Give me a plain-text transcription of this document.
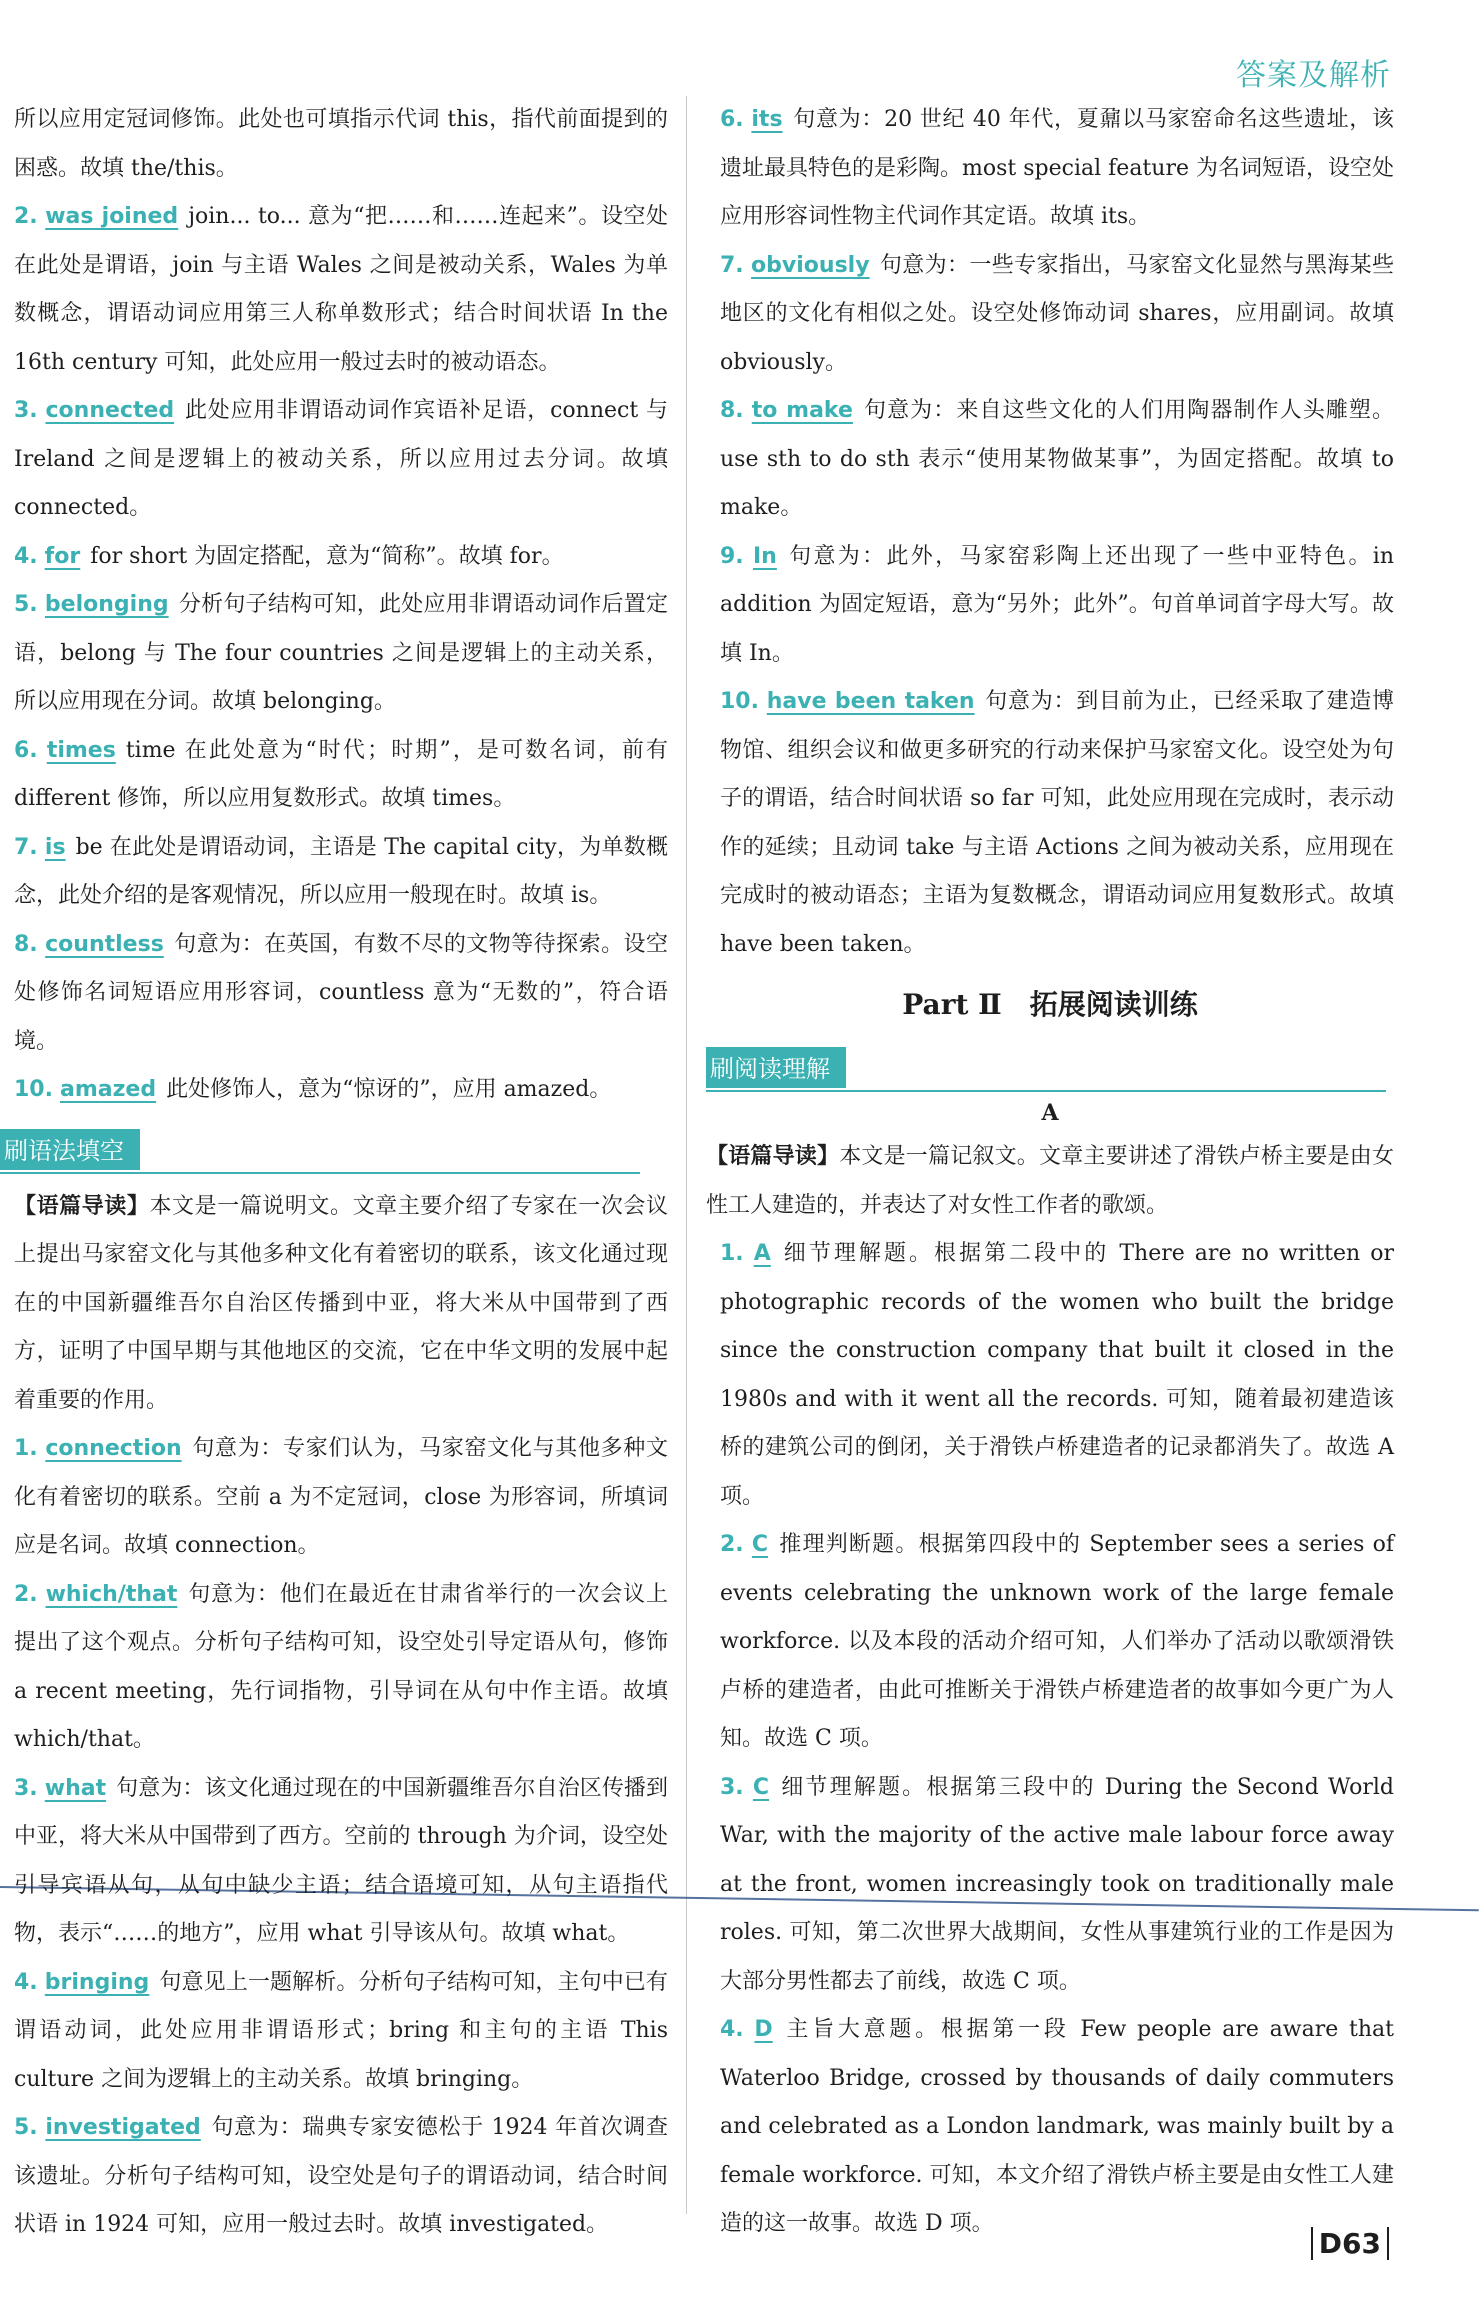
答案及解析

所以应用定冠词修饰。此处也可填指示代词 this，指代前面提到的困惑。故填 the/this。

2. was joined join... to... 意为“把……和……连起来”。设空处在此处是谓语，join 与主语 Wales 之间是被动关系，Wales 为单数概念，谓语动词应用第三人称单数形式；结合时间状语 In the 16th century 可知，此处应用一般过去时的被动语态。

3. connected 此处应用非谓语动词作宾语补足语，connect 与 Ireland 之间是逻辑上的被动关系，所以应用过去分词。故填 connected。

4. for for short 为固定搭配，意为“简称”。故填 for。

5. belonging 分析句子结构可知，此处应用非谓语动词作后置定语，belong 与 The four countries 之间是逻辑上的主动关系，所以应用现在分词。故填 belonging。

6. times time 在此处意为“时代；时期”，是可数名词，前有 different 修饰，所以应用复数形式。故填 times。

7. is be 在此处是谓语动词，主语是 The capital city，为单数概念，此处介绍的是客观情况，所以应用一般现在时。故填 is。

8. countless 句意为：在英国，有数不尽的文物等待探索。设空处修饰名词短语应用形容词，countless 意为“无数的”，符合语境。

10. amazed 此处修饰人，意为“惊讶的”，应用 amazed。

刷语法填空

【语篇导读】本文是一篇说明文。文章主要介绍了专家在一次会议上提出马家窑文化与其他多种文化有着密切的联系，该文化通过现在的中国新疆维吾尔自治区传播到中亚，将大米从中国带到了西方，证明了中国早期与其他地区的交流，它在中华文明的发展中起着重要的作用。

1. connection 句意为：专家们认为，马家窑文化与其他多种文化有着密切的联系。空前 a 为不定冠词，close 为形容词，所填词应是名词。故填 connection。

2. which/that 句意为：他们在最近在甘肃省举行的一次会议上提出了这个观点。分析句子结构可知，设空处引导定语从句，修饰 a recent meeting，先行词指物，引导词在从句中作主语。故填 which/that。

3. what 句意为：该文化通过现在的中国新疆维吾尔自治区传播到中亚，将大米从中国带到了西方。空前的 through 为介词，设空处引导宾语从句，从句中缺少主语；结合语境可知，从句主语指代物，表示“……的地方”，应用 what 引导该从句。故填 what。

4. bringing 句意见上一题解析。分析句子结构可知，主句中已有谓语动词，此处应用非谓语形式；bring 和主句的主语 This culture 之间为逻辑上的主动关系。故填 bringing。

5. investigated 句意为：瑞典专家安德松于 1924 年首次调查该遗址。分析句子结构可知，设空处是句子的谓语动词，结合时间状语 in 1924 可知，应用一般过去时。故填 investigated。

6. its 句意为：20 世纪 40 年代，夏鼐以马家窑命名这些遗址，该遗址最具特色的是彩陶。most special feature 为名词短语，设空处应用形容词性物主代词作其定语。故填 its。

7. obviously 句意为：一些专家指出，马家窑文化显然与黑海某些地区的文化有相似之处。设空处修饰动词 shares，应用副词。故填 obviously。

8. to make 句意为：来自这些文化的人们用陶器制作人头雕塑。use sth to do sth 表示“使用某物做某事”，为固定搭配。故填 to make。

9. In 句意为：此外，马家窑彩陶上还出现了一些中亚特色。in addition 为固定短语，意为“另外；此外”。句首单词首字母大写。故填 In。

10. have been taken 句意为：到目前为止，已经采取了建造博物馆、组织会议和做更多研究的行动来保护马家窑文化。设空处为句子的谓语，结合时间状语 so far 可知，此处应用现在完成时，表示动作的延续；且动词 take 与主语 Actions 之间为被动关系，应用现在完成时的被动语态；主语为复数概念，谓语动词应用复数形式。故填 have been taken。

Part Ⅱ　拓展阅读训练
刷阅读理解
A

【语篇导读】本文是一篇记叙文。文章主要讲述了滑铁卢桥主要是由女性工人建造的，并表达了对女性工作者的歌颂。

1. A 细节理解题。根据第二段中的 There are no written or photographic records of the women who built the bridge since the construction company that built it closed in the 1980s and with it went all the records. 可知，随着最初建造该桥的建筑公司的倒闭，关于滑铁卢桥建造者的记录都消失了。故选 A 项。

2. C 推理判断题。根据第四段中的 September sees a series of events celebrating the unknown work of the large female workforce. 以及本段的活动介绍可知，人们举办了活动以歌颂滑铁卢桥的建造者，由此可推断关于滑铁卢桥建造者的故事如今更广为人知。故选 C 项。

3. C 细节理解题。根据第三段中的 During the Second World War, with the majority of the active male labour force away at the front, women increasingly took on traditionally male roles. 可知，第二次世界大战期间，女性从事建筑行业的工作是因为大部分男性都去了前线，故选 C 项。

4. D 主旨大意题。根据第一段 Few people are aware that Waterloo Bridge, crossed by thousands of daily commuters and celebrated as a London landmark, was mainly built by a female workforce. 可知，本文介绍了滑铁卢桥主要是由女性工人建造的这一故事。故选 D 项。

D63
